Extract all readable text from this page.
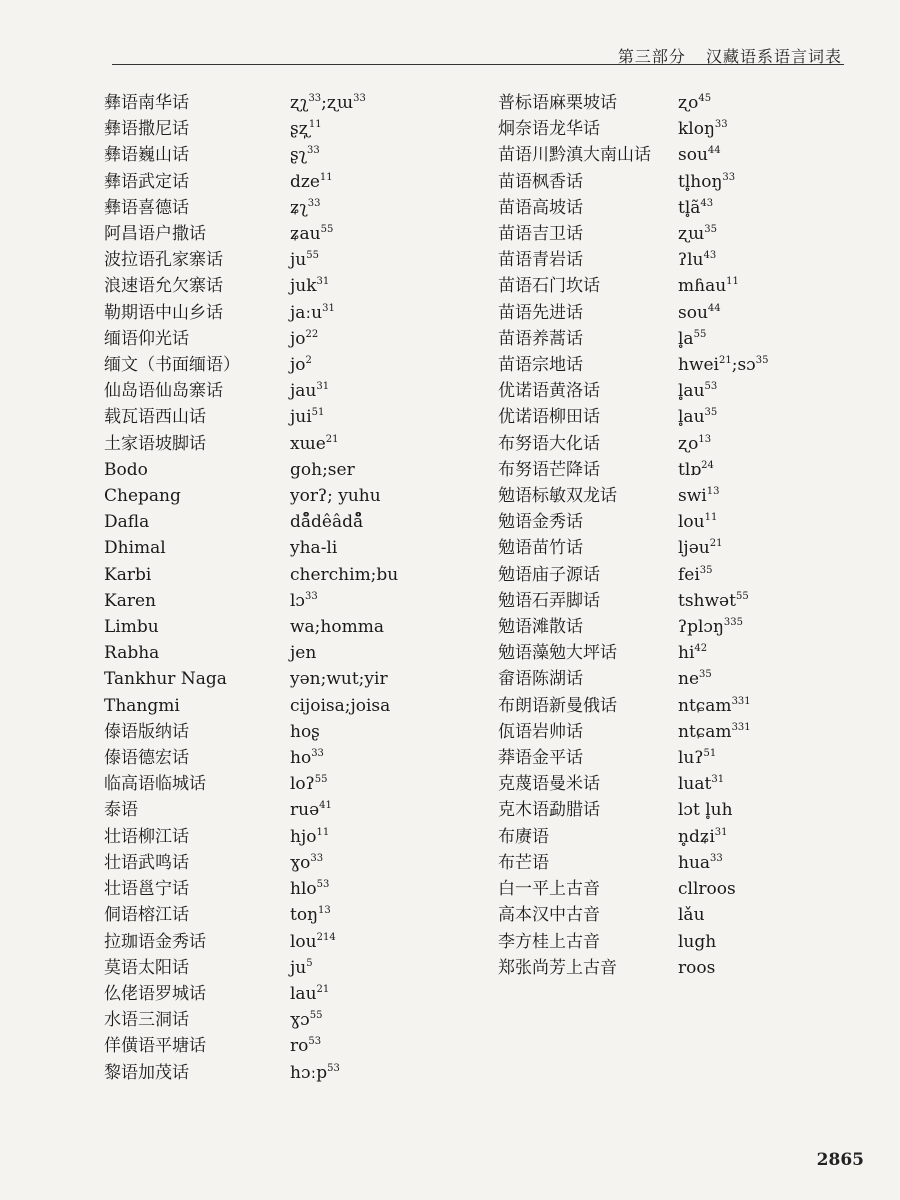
第三部分 汉藏语系语言词表
彝语南华话	ʐʅ$^{33}$;ʐɯ$^{33}$
彝语撒尼话	ʂʐ̩$^{11}$
彝语巍山话	ʂʅ$^{33}$
彝语武定话	dze$^{11}$
彝语喜德话	ʑʅ$^{33}$
阿昌语户撒话	ʑau$^{55}$
波拉语孔家寨话	$ju^{55}$
浪速语允欠寨话	juk$^{31}$
勒期语中山乡话	jaːu$^{31}$
缅语仰光话	$jo^{22}$
缅文（书面缅语）	$jo^2$
仙岛语仙岛寨话	jau$^{31}$
载瓦语西山话	jui$^{51}$
土家语坡脚话	xɯe$^{21}$
Bodo	goh;ser
Chepang	yorʔ; yuhu
Dafla	då̊dêâdå̊
Dhimal	yha-li
Karbi	cherchim;bu
Karen	lɔ$^{33}$
Limbu	wa;homma
Rabha	jen
Tankhur Naga	yən;wut;yir
Thangmi	cijoisa;joisa
傣语版纳话	hoʂ
傣语德宏话	$ho^{33}$
临高语临城话	loʔ$^{55}$
泰语	ruə$^{41}$
壮语柳江话	hjo$^{11}$
壮语武鸣话	ɣo$^{33}$
壮语邕宁话	hlo$^{53}$
侗语榕江话	toŋ$^{13}$
拉珈语金秀话	lou$^{214}$
莫语太阳话	$ju^5$
仫佬语罗城话	lau$^{21}$
水语三洞话	ɣɔ$^{55}$
佯僙语平塘话	$ro^{53}$
黎语加茂话	hɔːp$^{53}$
普标语麻栗坡话	ʐo$^{45}$
炯奈语龙华话	kloŋ$^{33}$
苗语川黔滇大南山话	sou$^{44}$
苗语枫香话	tl̥hoŋ$^{33}$
苗语高坡话	$tl̥ã^{43}$
苗语吉卫话	ʐɯ$^{35}$
苗语青岩话	ʔlu$^{43}$
苗语石门坎话	mɦau$^{11}$
苗语先进话	sou$^{44}$
苗语养蒿话	$l̥a^{55}$
苗语宗地话	hwei$^{21}$;sɔ$^{35}$
优诺语黄洛话	$l̥au^{53}$
优诺语柳田话	$l̥au^{35}$
布努语大化话	ʐo$^{13}$
布努语芒降话	tlɒ$^{24}$
勉语标敏双龙话	swi$^{13}$
勉语金秀话	lou$^{11}$
勉语苗竹话	ljəu$^{21}$
勉语庙子源话	fei$^{35}$
勉语石弄脚话	tshwət$^{55}$
勉语滩散话	ʔplɔŋ$^{335}$
勉语藻勉大坪话	$hi^{42}$
畲语陈湖话	$ne^{35}$
布朗语新曼俄话	ntɕam$^{331}$
佤语岩帅话	ntɕam$^{331}$
莽语金平话	luʔ$^{51}$
克蔑语曼米话	luat$^{31}$
克木语勐腊话	lɔt l̥uh
布赓语	n̥dʑi$^{31}$
布芒语	hua$^{33}$
白一平上古音	cllroos
高本汉中古音	lǎu
李方桂上古音	lugh
郑张尚芳上古音	roos
2865
